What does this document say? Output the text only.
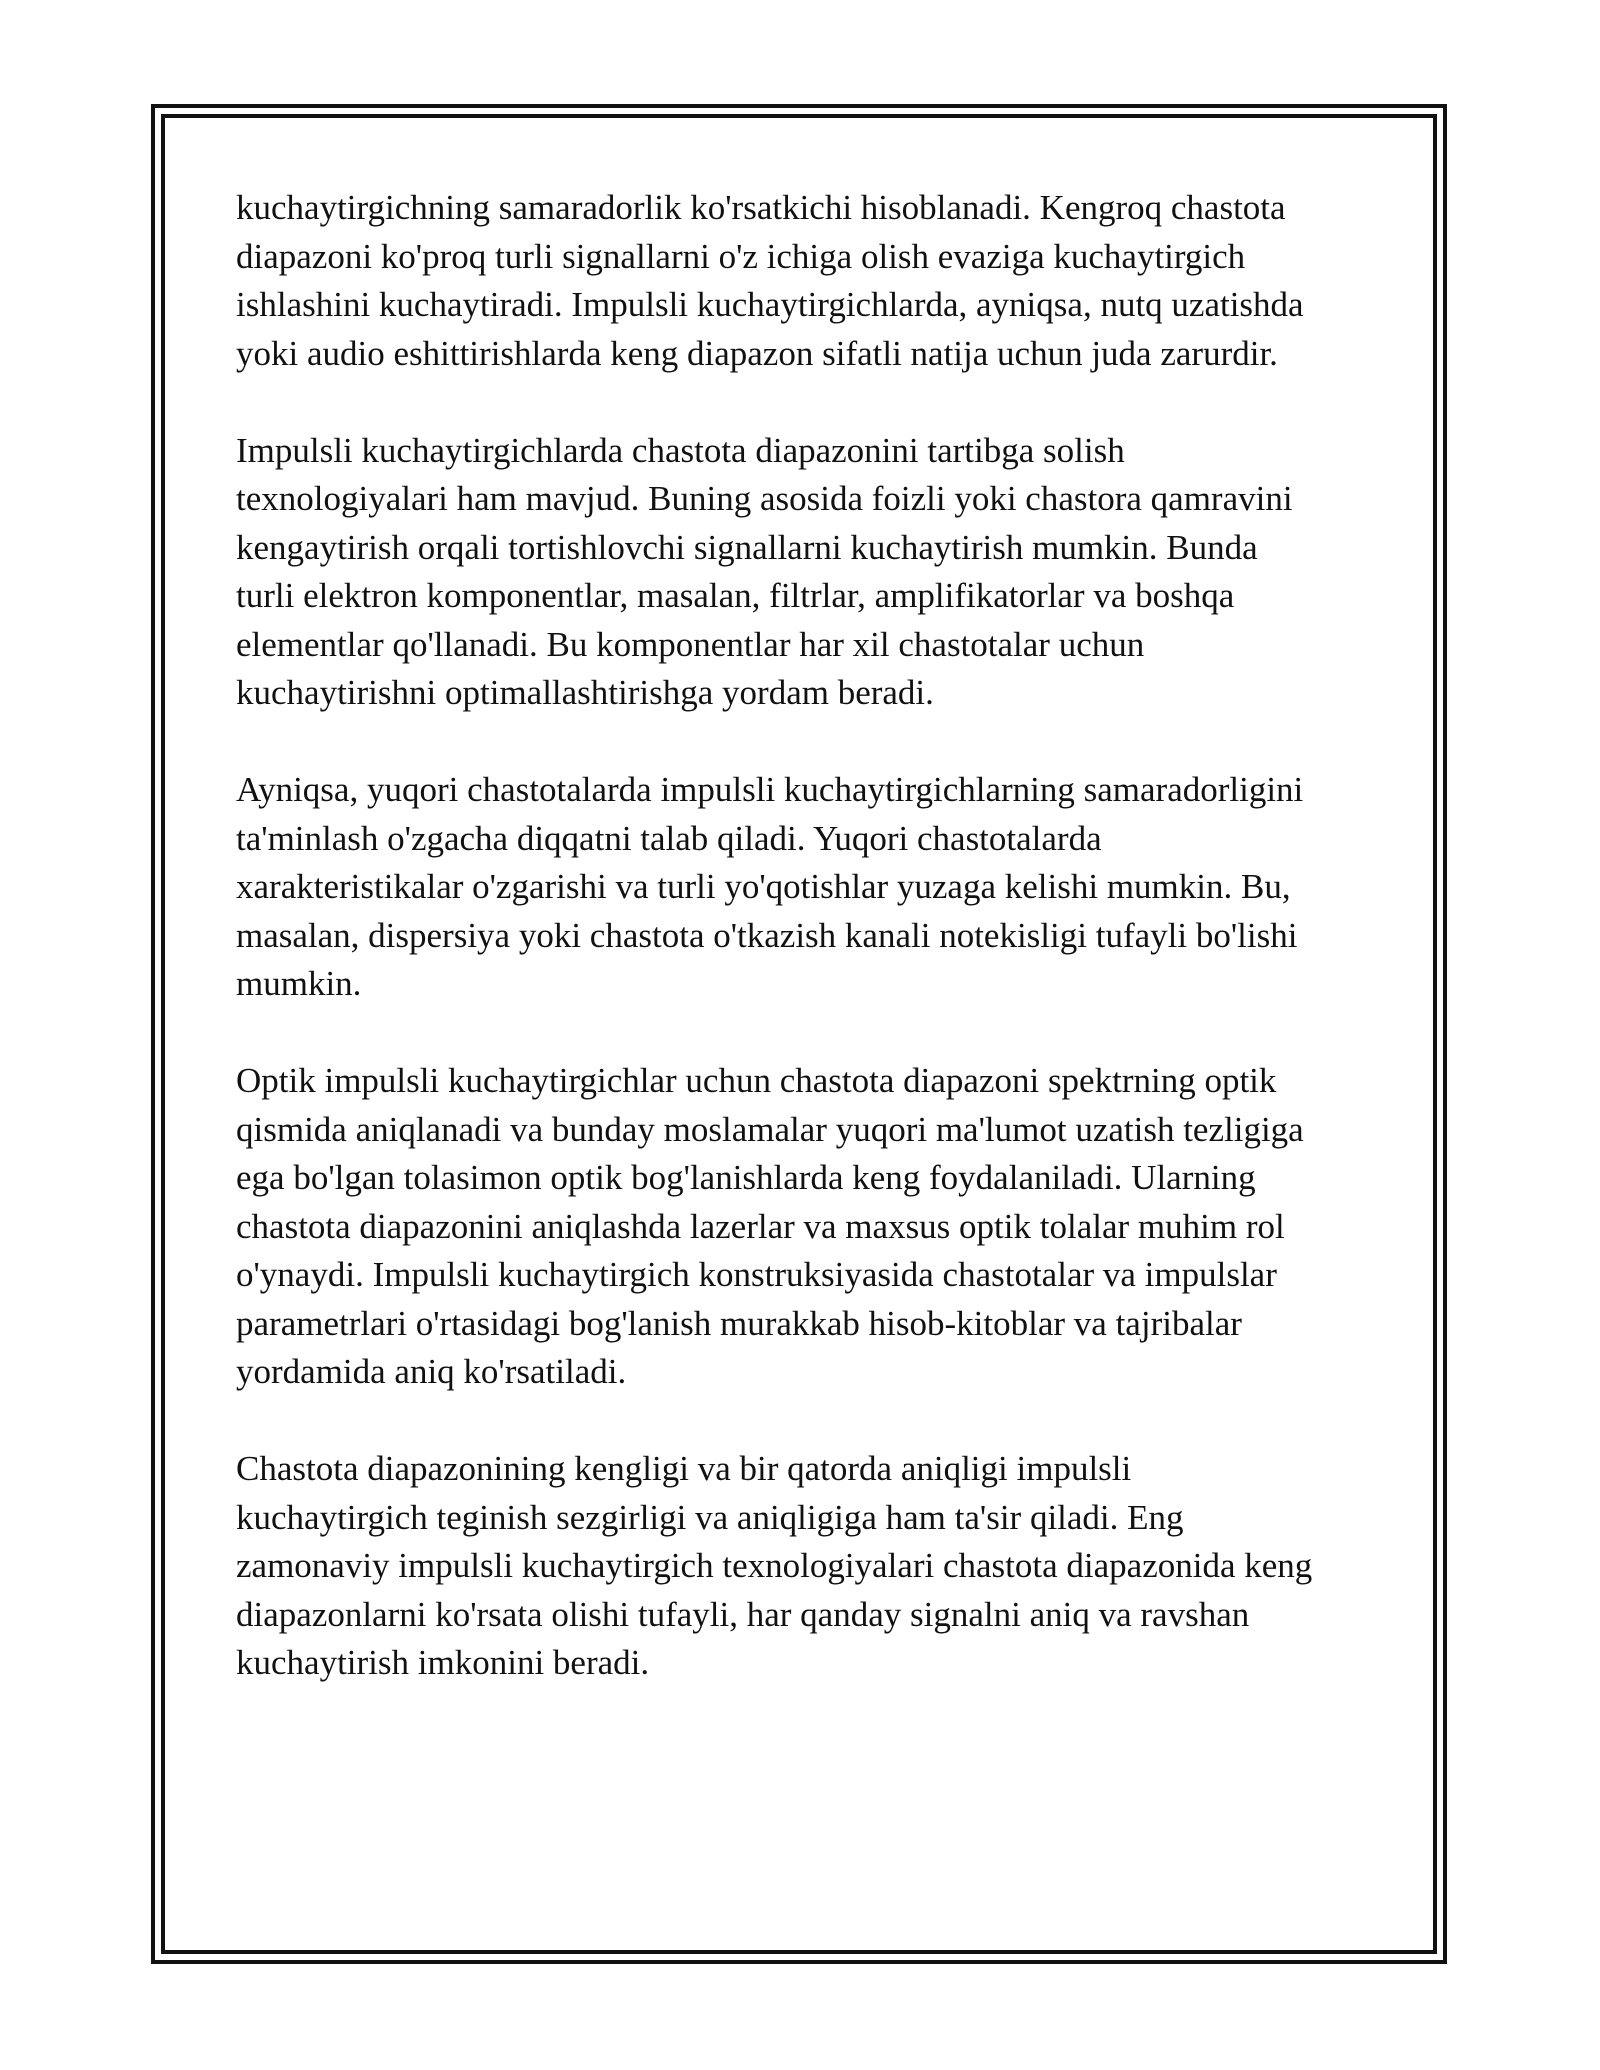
kuchaytirgichning samaradorlik ko'rsatkichi hisoblanadi. Kengroq chastota
diapazoni ko'proq turli signallarni o'z ichiga olish evaziga kuchaytirgich
ishlashini kuchaytiradi. Impulsli kuchaytirgichlarda, ayniqsa, nutq uzatishda
yoki audio eshittirishlarda keng diapazon sifatli natija uchun juda zarurdir.

Impulsli kuchaytirgichlarda chastota diapazonini tartibga solish
texnologiyalari ham mavjud. Buning asosida foizli yoki chastora qamravini
kengaytirish orqali tortishlovchi signallarni kuchaytirish mumkin. Bunda
turli elektron komponentlar, masalan, filtrlar, amplifikatorlar va boshqa
elementlar qo'llanadi. Bu komponentlar har xil chastotalar uchun
kuchaytirishni optimallashtirishga yordam beradi.

Ayniqsa, yuqori chastotalarda impulsli kuchaytirgichlarning samaradorligini
ta'minlash o'zgacha diqqatni talab qiladi. Yuqori chastotalarda
xarakteristikalar o'zgarishi va turli yo'qotishlar yuzaga kelishi mumkin. Bu,
masalan, dispersiya yoki chastota o'tkazish kanali notekisligi tufayli bo'lishi
mumkin.

Optik impulsli kuchaytirgichlar uchun chastota diapazoni spektrning optik
qismida aniqlanadi va bunday moslamalar yuqori ma'lumot uzatish tezligiga
ega bo'lgan tolasimon optik bog'lanishlarda keng foydalaniladi. Ularning
chastota diapazonini aniqlashda lazerlar va maxsus optik tolalar muhim rol
o'ynaydi. Impulsli kuchaytirgich konstruksiyasida chastotalar va impulslar
parametrlari o'rtasidagi bog'lanish murakkab hisob-kitoblar va tajribalar
yordamida aniq ko'rsatiladi.

Chastota diapazonining kengligi va bir qatorda aniqligi impulsli
kuchaytirgich teginish sezgirligi va aniqligiga ham ta'sir qiladi. Eng
zamonaviy impulsli kuchaytirgich texnologiyalari chastota diapazonida keng
diapazonlarni ko'rsata olishi tufayli, har qanday signalni aniq va ravshan
kuchaytirish imkonini beradi.
